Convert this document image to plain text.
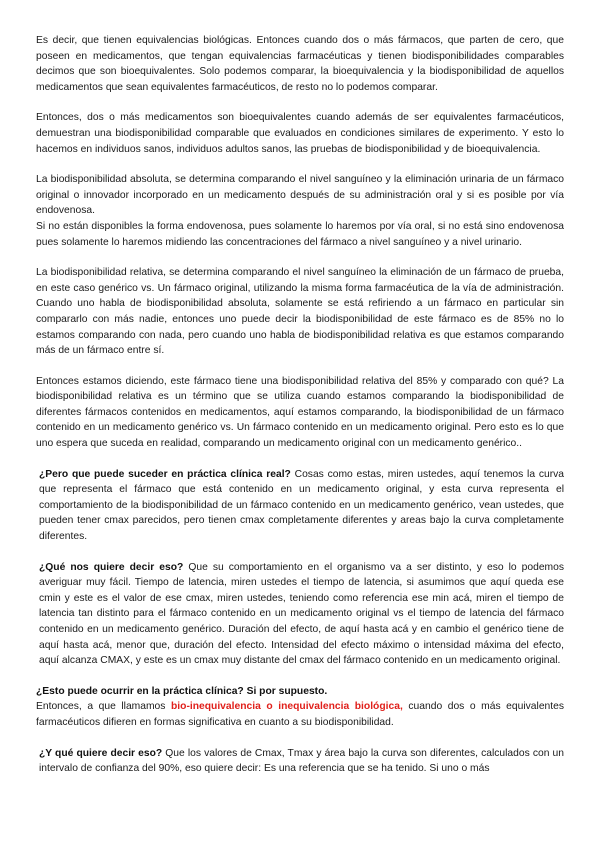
Es decir, que tienen equivalencias biológicas. Entonces cuando dos o más fármacos, que parten de cero, que poseen en medicamentos, que tengan equivalencias farmacéuticas y tienen biodisponibilidades comparables decimos que son bioequivalentes. Solo podemos comparar, la bioequivalencia y la biodisponibilidad de aquellos medicamentos que sean equivalentes farmacéuticos, de resto no lo podemos comparar.

Entonces, dos o más medicamentos son bioequivalentes cuando además de ser equivalentes farmacéuticos, demuestran una biodisponibilidad comparable que evaluados en condiciones similares de experimento. Y esto lo hacemos en individuos sanos, individuos adultos sanos, las pruebas de biodisponibilidad y de bioequivalencia.

La biodisponibilidad absoluta, se determina comparando el nivel sanguíneo y la eliminación urinaria de un fármaco original o innovador incorporado en un medicamento después de su administración oral y si es posible por vía endovenosa.

Si no están disponibles la forma endovenosa, pues solamente lo haremos por vía oral, si no está sino endovenosa pues solamente lo haremos midiendo las concentraciones del fármaco a nivel sanguíneo y a nivel urinario.

La biodisponibilidad relativa, se determina comparando el nivel sanguíneo la eliminación de un fármaco de prueba, en este caso genérico vs. Un fármaco original, utilizando la misma forma farmacéutica de la vía de administración. Cuando uno habla de biodisponibilidad absoluta, solamente se está refiriendo a un fármaco en particular sin compararlo con más nadie, entonces uno puede decir la biodisponibilidad de este fármaco es de 85% no lo estamos comparando con nada, pero cuando uno habla de biodisponibilidad relativa es que estamos comparando más de un fármaco entre sí.

Entonces estamos diciendo, este fármaco tiene una biodisponibilidad relativa del 85% y comparado con qué? La biodisponibilidad relativa es un término que se utiliza cuando estamos comparando la biodisponibilidad de diferentes fármacos contenidos en medicamentos, aquí estamos comparando, la biodisponibilidad de un fármaco contenido en un medicamento genérico vs. Un fármaco contenido en un medicamento original. Pero esto es lo que uno espera que suceda en realidad, comparando un medicamento original con un medicamento genérico..

¿Pero que puede suceder en práctica clínica real? Cosas como estas, miren ustedes, aquí tenemos la curva que representa el fármaco que está contenido en un medicamento original, y esta curva representa el comportamiento de la biodisponibilidad de un fármaco contenido en un medicamento genérico, vean ustedes, que pueden tener cmax parecidos, pero tienen cmax completamente diferentes y areas bajo la curva completamente diferentes.

¿Qué nos quiere decir eso? Que su comportamiento en el organismo va a ser distinto, y eso lo podemos averiguar muy fácil. Tiempo de latencia, miren ustedes el tiempo de latencia, si asumimos que aquí queda ese cmin y este es el valor de ese cmax, miren ustedes, teniendo como referencia ese min acá, miren el tiempo de latencia tan distinto para el fármaco contenido en un medicamento original vs el tiempo de latencia del fármaco contenido en un medicamento genérico. Duración del efecto, de aquí hasta acá y en cambio el genérico tiene de aquí hasta acá, menor que, duración del efecto. Intensidad del efecto máximo o intensidad máxima del efecto, aquí alcanza CMAX, y este es un cmax muy distante del cmax del fármaco contenido en un medicamento original.

¿Esto puede ocurrir en la práctica clínica? Si por supuesto.

Entonces, a que llamamos bio-inequivalencia o inequivalencia biológica, cuando dos o más equivalentes farmacéuticos difieren en formas significativa en cuanto a su biodisponibilidad.

¿Y qué quiere decir eso? Que los valores de Cmax, Tmax y área bajo la curva son diferentes, calculados con un intervalo de confianza del 90%, eso quiere decir: Es una referencia que se ha tenido. Si uno o más
